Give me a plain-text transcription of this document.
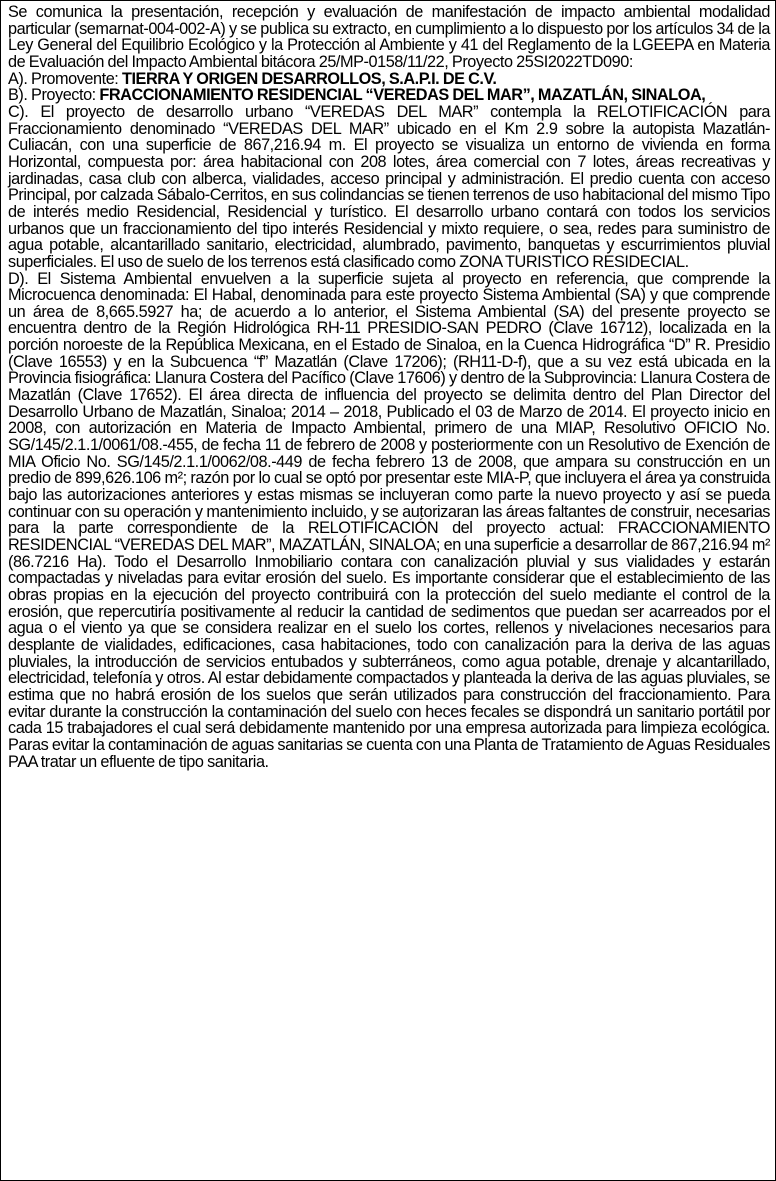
Se comunica la presentación, recepción y evaluación de manifestación de impacto ambiental modalidad particular (semarnat-004-002-A) y se publica su extracto, en cumplimiento a lo dispuesto por los artículos 34 de la Ley General del Equilibrio Ecológico y la Protección al Ambiente y 41 del Reglamento de la LGEEPA en Materia de Evaluación del Impacto Ambiental bitácora 25/MP-0158/11/22, Proyecto 25SI2022TD090:

A). Promovente: TIERRA Y ORIGEN DESARROLLOS, S.A.P.I. DE C.V.

B). Proyecto: FRACCIONAMIENTO RESIDENCIAL “VEREDAS DEL MAR”, MAZATLÁN, SINALOA,

C). El proyecto de desarrollo urbano “VEREDAS DEL MAR” contempla la RELOTIFICACIÓN para Fraccionamiento denominado “VEREDAS DEL MAR” ubicado en el Km 2.9 sobre la autopista Mazatlán-Culiacán, con una superficie de 867,216.94 m. El proyecto se visualiza un entorno de vivienda en forma Horizontal, compuesta por: área habitacional con 208 lotes, área comercial con 7 lotes, áreas recreativas y jardinadas, casa club con alberca, vialidades, acceso principal y administración. El predio cuenta con acceso Principal, por calzada Sábalo-Cerritos, en sus colindancias se tienen terrenos de uso habitacional del mismo Tipo de interés medio Residencial, Residencial y turístico. El desarrollo urbano contará con todos los servicios urbanos que un fraccionamiento del tipo interés Residencial y mixto requiere, o sea, redes para suministro de agua potable, alcantarillado sanitario, electricidad, alumbrado, pavimento, banquetas y escurrimientos pluvial superficiales. El uso de suelo de los terrenos está clasificado como ZONA TURISTICO RESIDECIAL.

D). El Sistema Ambiental envuelven a la superficie sujeta al proyecto en referencia, que comprende la Microcuenca denominada: El Habal, denominada para este proyecto Sistema Ambiental (SA) y que comprende un área de 8,665.5927 ha; de acuerdo a lo anterior, el Sistema Ambiental (SA) del presente proyecto se encuentra dentro de la Región Hidrológica RH-11 PRESIDIO-SAN PEDRO (Clave 16712), localizada en la porción noroeste de la República Mexicana, en el Estado de Sinaloa, en la Cuenca Hidrográfica “D” R. Presidio (Clave 16553) y en la Subcuenca “f” Mazatlán (Clave 17206); (RH11-D-f), que a su vez está ubicada en la Provincia fisiográfica: Llanura Costera del Pacífico (Clave 17606) y dentro de la Subprovincia: Llanura Costera de Mazatlán (Clave 17652). El área directa de influencia del proyecto se delimita dentro del Plan Director del Desarrollo Urbano de Mazatlán, Sinaloa; 2014 – 2018, Publicado el 03 de Marzo de 2014. El proyecto inicio en 2008, con autorización en Materia de Impacto Ambiental, primero de una MIAP, Resolutivo OFICIO No. SG/145/2.1.1/0061/08.-455, de fecha 11 de febrero de 2008 y posteriormente con un Resolutivo de Exención de MIA Oficio No. SG/145/2.1.1/0062/08.-449 de fecha febrero 13 de 2008, que ampara su construcción en un predio de 899,626.106 m²; razón por lo cual se optó por presentar este MIA-P, que incluyera el área ya construida bajo las autorizaciones anteriores y estas mismas se incluyeran como parte la nuevo proyecto y así se pueda continuar con su operación y mantenimiento incluido, y se autorizaran las áreas faltantes de construir, necesarias para la parte correspondiente de la RELOTIFICACIÓN del proyecto actual: FRACCIONAMIENTO RESIDENCIAL “VEREDAS DEL MAR”, MAZATLÁN, SINALOA; en una superficie a desarrollar de 867,216.94 m² (86.7216 Ha). Todo el Desarrollo Inmobiliario contara con canalización pluvial y sus vialidades y estarán compactadas y niveladas para evitar erosión del suelo. Es importante considerar que el establecimiento de las obras propias en la ejecución del proyecto contribuirá con la protección del suelo mediante el control de la erosión, que repercutiría positivamente al reducir la cantidad de sedimentos que puedan ser acarreados por el agua o el viento ya que se considera realizar en el suelo los cortes, rellenos y nivelaciones necesarios para desplante de vialidades, edificaciones, casa habitaciones, todo con canalización para la deriva de las aguas pluviales, la introducción de servicios entubados y subterráneos, como agua potable, drenaje y alcantarillado, electricidad, telefonía y otros. Al estar debidamente compactados y planteada la deriva de las aguas pluviales, se estima que no habrá erosión de los suelos que serán utilizados para construcción del fraccionamiento. Para evitar durante la construcción la contaminación del suelo con heces fecales se dispondrá un sanitario portátil por cada 15 trabajadores el cual será debidamente mantenido por una empresa autorizada para limpieza ecológica. Paras evitar la contaminación de aguas sanitarias se cuenta con una Planta de Tratamiento de Aguas Residuales PAA tratar un efluente de tipo sanitaria.
